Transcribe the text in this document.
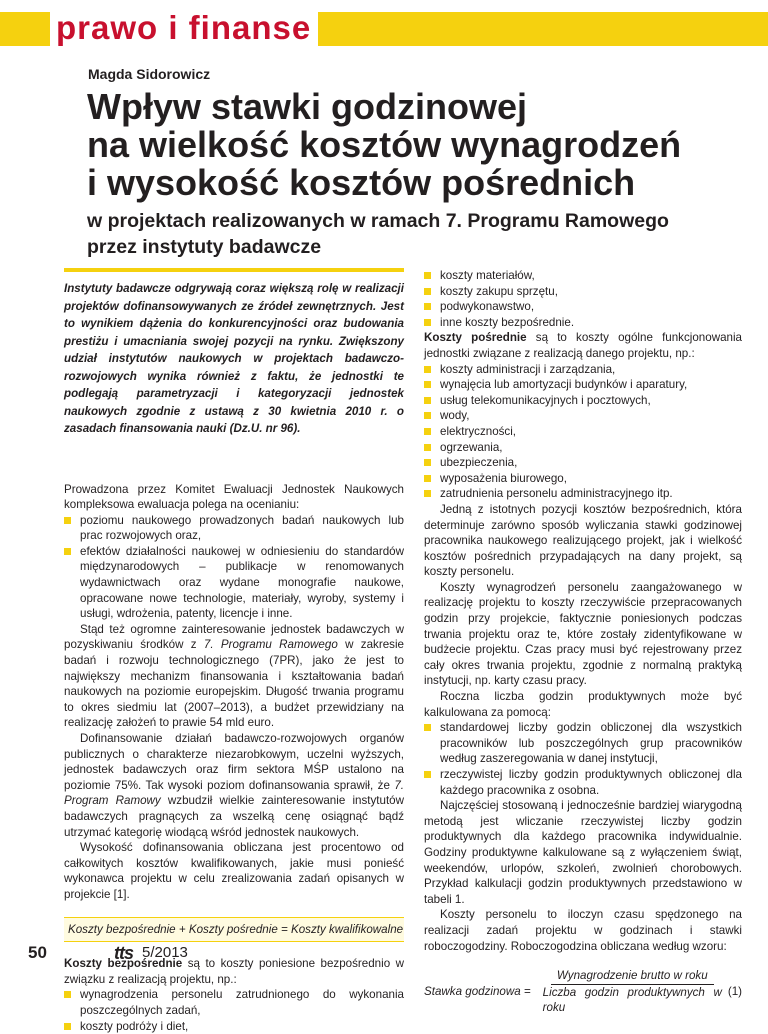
prawo i finanse
Magda Sidorowicz
Wpływ stawki godzinowej
na wielkość kosztów wynagrodzeń
i wysokość kosztów pośrednich
w projektach realizowanych w ramach 7. Programu Ramowego
przez instytuty badawcze

Instytuty badawcze odgrywają coraz większą rolę w realizacji projektów dofinansowywanych ze źródeł zewnętrznych. Jest to wynikiem dążenia do konkurencyjności oraz budowania prestiżu i umacniania swojej pozycji na rynku. Zwiększony udział instytutów naukowych w projektach badawczo-rozwojowych wynika również z faktu, że jednostki te podlegają parametryzacji i kategoryzacji jednostek naukowych zgodnie z ustawą z 30 kwietnia 2010 r. o zasadach finansowania nauki (Dz.U. nr 96).

Prowadzona przez Komitet Ewaluacji Jednostek Naukowych kompleksowa ewaluacja polega na ocenianiu:

poziomu naukowego prowadzonych badań naukowych lub prac rozwojowych oraz,
efektów działalności naukowej w odniesieniu do standardów międzynarodowych – publikacje w renomowanych wydawnictwach oraz wydane monografie naukowe, opracowane nowe technologie, materiały, wyroby, systemy i usługi, wdrożenia, patenty, licencje i inne.

Stąd też ogromne zainteresowanie jednostek badawczych w pozyskiwaniu środków z 7. Programu Ramowego w zakresie badań i rozwoju technologicznego (7PR), jako że jest to największy mechanizm finansowania i kształtowania badań naukowych na poziomie europejskim. Długość trwania programu to okres siedmiu lat (2007–2013), a budżet przewidziany na realizację założeń to prawie 54 mld euro.

Dofinansowanie działań badawczo-rozwojowych organów publicznych o charakterze niezarobkowym, uczelni wyższych, jednostek badawczych oraz firm sektora MŚP ustalono na poziomie 75%. Tak wysoki poziom dofinansowania sprawił, że 7. Program Ramowy wzbudził wielkie zainteresowanie instytutów badawczych pragnących za wszelką cenę osiągnąć bądź utrzymać kategorię wiodącą wśród jednostek naukowych.

Wysokość dofinansowania obliczana jest procentowo od całkowitych kosztów kwalifikowanych, jakie musi ponieść wykonawca projektu w celu zrealizowania zadań opisanych w projekcie [1].

Koszty bezpośrednie + Koszty pośrednie = Koszty kwalifikowalne

Koszty bezpośrednie są to koszty poniesione bezpośrednio w związku z realizacją projektu, np.:

wynagrodzenia personelu zatrudnionego do wykonania poszczególnych zadań,
koszty podróży i diet,
koszty materiałów,
koszty zakupu sprzętu,
podwykonawstwo,
inne koszty bezpośrednie.

Koszty pośrednie są to koszty ogólne funkcjonowania jednostki związane z realizacją danego projektu, np.:

koszty administracji i zarządzania,
wynajęcia lub amortyzacji budynków i aparatury,
usług telekomunikacyjnych i pocztowych,
wody,
elektryczności,
ogrzewania,
ubezpieczenia,
wyposażenia biurowego,
zatrudnienia personelu administracyjnego itp.

Jedną z istotnych pozycji kosztów bezpośrednich, która determinuje zarówno sposób wyliczania stawki godzinowej pracownika naukowego realizującego projekt, jak i wielkość kosztów pośrednich przypadających na dany projekt, są koszty personelu.

Koszty wynagrodzeń personelu zaangażowanego w realizację projektu to koszty rzeczywiście przepracowanych godzin przy projekcie, faktycznie poniesionych podczas trwania projektu oraz te, które zostały zidentyfikowane w budżecie projektu. Czas pracy musi być rejestrowany przez cały okres trwania projektu, zgodnie z normalną praktyką instytucji, np. karty czasu pracy.

Roczna liczba godzin produktywnych może być kalkulowana za pomocą:

standardowej liczby godzin obliczonej dla wszystkich pracowników lub poszczególnych grup pracowników według zaszeregowania w danej instytucji,
rzeczywistej liczby godzin produktywnych obliczonej dla każdego pracownika z osobna.

Najczęściej stosowaną i jednocześnie bardziej wiarygodną metodą jest wliczanie rzeczywistej liczby godzin produktywnych dla każdego pracownika indywidualnie. Godziny produktywne kalkulowane są z wyłączeniem świąt, weekendów, urlopów, szkoleń, zwolnień chorobowych. Przykład kalkulacji godzin produktywnych przedstawiono w tabeli 1.

Koszty personelu to iloczyn czasu spędzonego na realizacji zadań projektu w godzinach i stawki roboczogodziny. Roboczogodzina obliczana według wzoru:

Stawka godzinowa = $\frac{\text{Wynagrodzenie brutto w roku}}{\text{Liczba godzin produktywnych w roku}} (1)$
50	tts 5/2013
